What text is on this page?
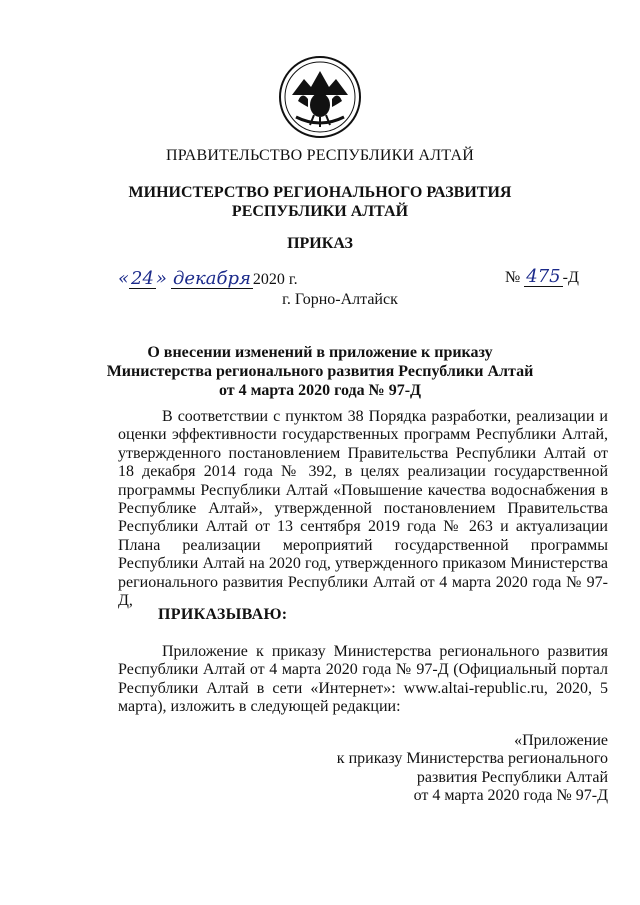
ПРАВИТЕЛЬСТВО РЕСПУБЛИКИ АЛТАЙ
МИНИСТЕРСТВО РЕГИОНАЛЬНОГО РАЗВИТИЯ
РЕСПУБЛИКИ АЛТАЙ
ПРИКАЗ
« 24 » декабря 2020 г.	№ 475 -Д
г. Горно-Алтайск
О внесении изменений в приложение к приказу
Министерства регионального развития Республики Алтай
от 4 марта 2020 года № 97-Д
В соответствии с пунктом 38 Порядка разработки, реализации и оценки эффективности государственных программ Республики Алтай, утвержденного постановлением Правительства Республики Алтай от 18 декабря 2014 года № 392, в целях реализации государственной программы Республики Алтай «Повышение качества водоснабжения в Республике Алтай», утвержденной постановлением Правительства Республики Алтай от 13 сентября 2019 года № 263 и актуализации Плана реализации мероприятий государственной программы Республики Алтай на 2020 год, утвержденного приказом Министерства регионального развития Республики Алтай от 4 марта 2020 года № 97-Д,
ПРИКАЗЫВАЮ:
Приложение к приказу Министерства регионального развития Республики Алтай от 4 марта 2020 года № 97-Д (Официальный портал Республики Алтай в сети «Интернет»: www.altai-republic.ru, 2020, 5 марта), изложить в следующей редакции:
«Приложение
к приказу Министерства регионального
развития Республики Алтай
от 4 марта 2020 года № 97-Д
